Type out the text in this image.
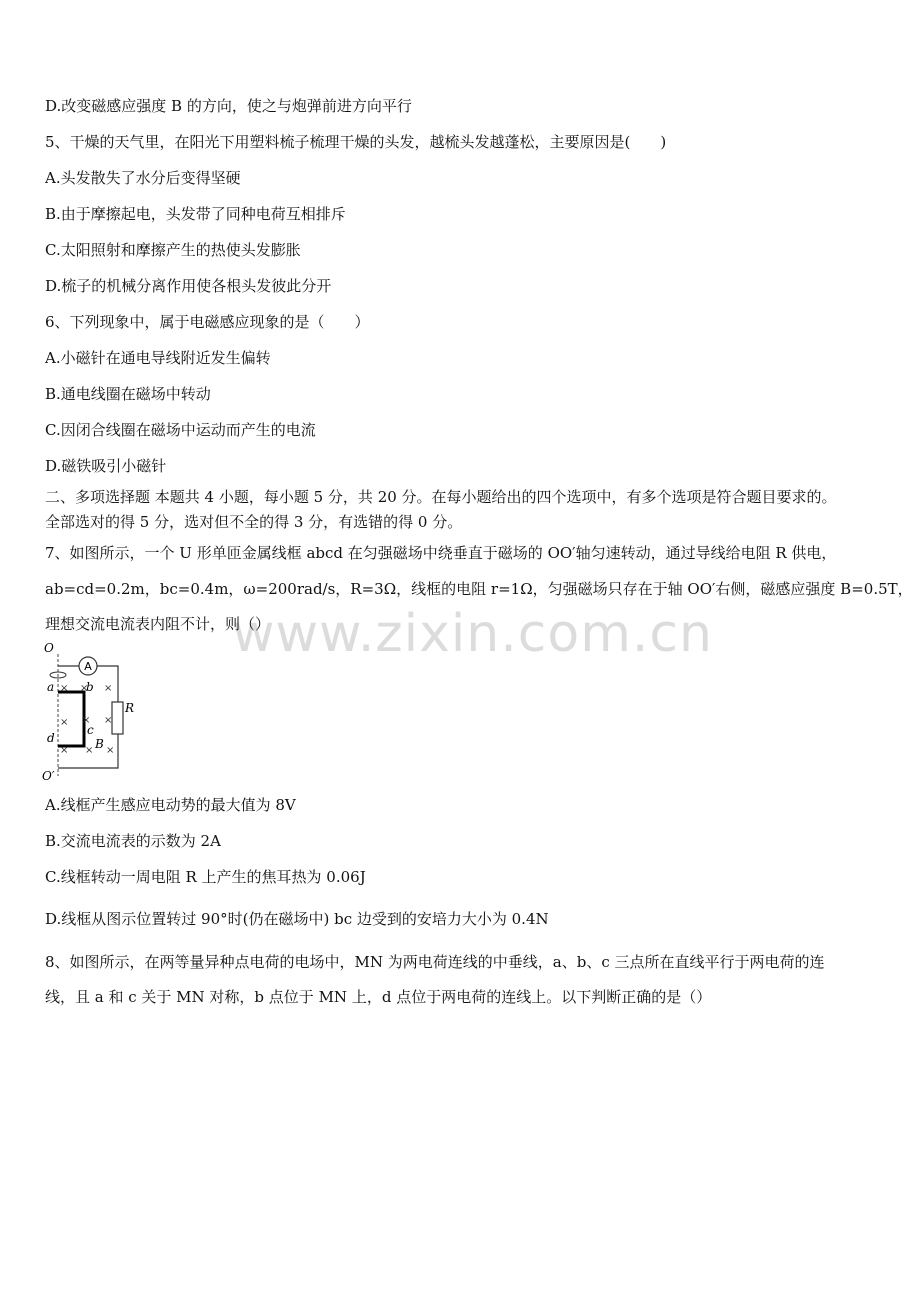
www.zixin.com.cn
D.改变磁感应强度 B 的方向，使之与炮弹前进方向平行
5、干燥的天气里，在阳光下用塑料梳子梳理干燥的头发，越梳头发越蓬松，主要原因是(　　)
A.头发散失了水分后变得坚硬
B.由于摩擦起电，头发带了同种电荷互相排斥
C.太阳照射和摩擦产生的热使头发膨胀
D.梳子的机械分离作用使各根头发彼此分开
6、下列现象中，属于电磁感应现象的是（　　）
A.小磁针在通电导线附近发生偏转
B.通电线圈在磁场中转动
C.因闭合线圈在磁场中运动而产生的电流
D.磁铁吸引小磁针
二、多项选择题 本题共 4 小题，每小题 5 分，共 20 分。在每小题给出的四个选项中，有多个选项是符合题目要求的。
全部选对的得 5 分，选对但不全的得 3 分，有选错的得 0 分。
7、如图所示，一个 U 形单匝金属线框 abcd 在匀强磁场中绕垂直于磁场的 OO′轴匀速转动，通过导线给电阻 R 供电，
ab=cd=0.2m，bc=0.4m，ω=200rad/s，R=3Ω，线框的电阻 r=1Ω，匀强磁场只存在于轴 OO′右侧，磁感应强度 B=0.5T，
理想交流电流表内阻不计，则（）
A
O
O′
a	b
c
d	B
R
× × ×
× × ×
× × ×
A.线框产生感应电动势的最大值为 8V
B.交流电流表的示数为 2A
C.线框转动一周电阻 R 上产生的焦耳热为 0.06J
D.线框从图示位置转过 90°时(仍在磁场中) bc 边受到的安培力大小为 0.4N
8、如图所示，在两等量异种点电荷的电场中，MN 为两电荷连线的中垂线，a、b、c 三点所在直线平行于两电荷的连
线，且 a 和 c 关于 MN 对称，b 点位于 MN 上，d 点位于两电荷的连线上。以下判断正确的是（）
